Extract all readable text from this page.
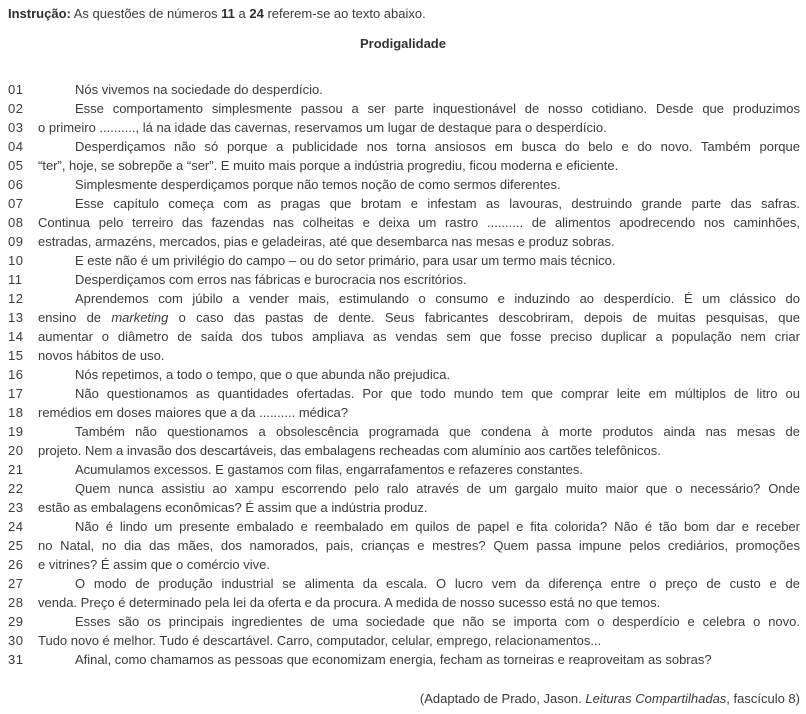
Instrução: As questões de números 11 a 24 referem-se ao texto abaixo.
Prodigalidade
01	Nós vivemos na sociedade do desperdício.
02	Esse comportamento simplesmente passou a ser parte inquestionável de nosso cotidiano. Desde que produzimos
03	o primeiro .........., lá na idade das cavernas, reservamos um lugar de destaque para o desperdício.
04	Desperdiçamos não só porque a publicidade nos torna ansiosos em busca do belo e do novo. Também porque
05	“ter”, hoje, se sobrepõe a “ser”. E muito mais porque a indústria progrediu, ficou moderna e eficiente.
06	Simplesmente desperdiçamos porque não temos noção de como sermos diferentes.
07	Esse capítulo começa com as pragas que brotam e infestam as lavouras, destruindo grande parte das safras.
08	Continua pelo terreiro das fazendas nas colheitas e deixa um rastro .......... de alimentos apodrecendo nos caminhões,
09	estradas, armazéns, mercados, pias e geladeiras, até que desembarca nas mesas e produz sobras.
10	E este não é um privilégio do campo – ou do setor primário, para usar um termo mais técnico.
11	Desperdiçamos com erros nas fábricas e burocracia nos escritórios.
12	Aprendemos com júbilo a vender mais, estimulando o consumo e induzindo ao desperdício. É um clássico do
13	ensino de marketing o caso das pastas de dente. Seus fabricantes descobriram, depois de muitas pesquisas, que
14	aumentar o diâmetro de saída dos tubos ampliava as vendas sem que fosse preciso duplicar a população nem criar
15	novos hábitos de uso.
16	Nós repetimos, a todo o tempo, que o que abunda não prejudica.
17	Não questionamos as quantidades ofertadas. Por que todo mundo tem que comprar leite em múltiplos de litro ou
18	remédios em doses maiores que a da .......... médica?
19	Também não questionamos a obsolescência programada que condena à morte produtos ainda nas mesas de
20	projeto. Nem a invasão dos descartáveis, das embalagens recheadas com alumínio aos cartões telefônicos.
21	Acumulamos excessos. E gastamos com filas, engarrafamentos e refazeres constantes.
22	Quem nunca assistiu ao xampu escorrendo pelo ralo através de um gargalo muito maior que o necessário? Onde
23	estão as embalagens econômicas? É assim que a indústria produz.
24	Não é lindo um presente embalado e reembalado em quilos de papel e fita colorida? Não é tão bom dar e receber
25	no Natal, no dia das mães, dos namorados, pais, crianças e mestres? Quem passa impune pelos crediários, promoções
26	e vitrines? É assim que o comércio vive.
27	O modo de produção industrial se alimenta da escala. O lucro vem da diferença entre o preço de custo e de
28	venda. Preço é determinado pela lei da oferta e da procura. A medida de nosso sucesso está no que temos.
29	Esses são os principais ingredientes de uma sociedade que não se importa com o desperdício e celebra o novo.
30	Tudo novo é melhor. Tudo é descartável. Carro, computador, celular, emprego, relacionamentos...
31	Afinal, como chamamos as pessoas que economizam energia, fecham as torneiras e reaproveitam as sobras?
(Adaptado de Prado, Jason. Leituras Compartilhadas, fascículo 8)
